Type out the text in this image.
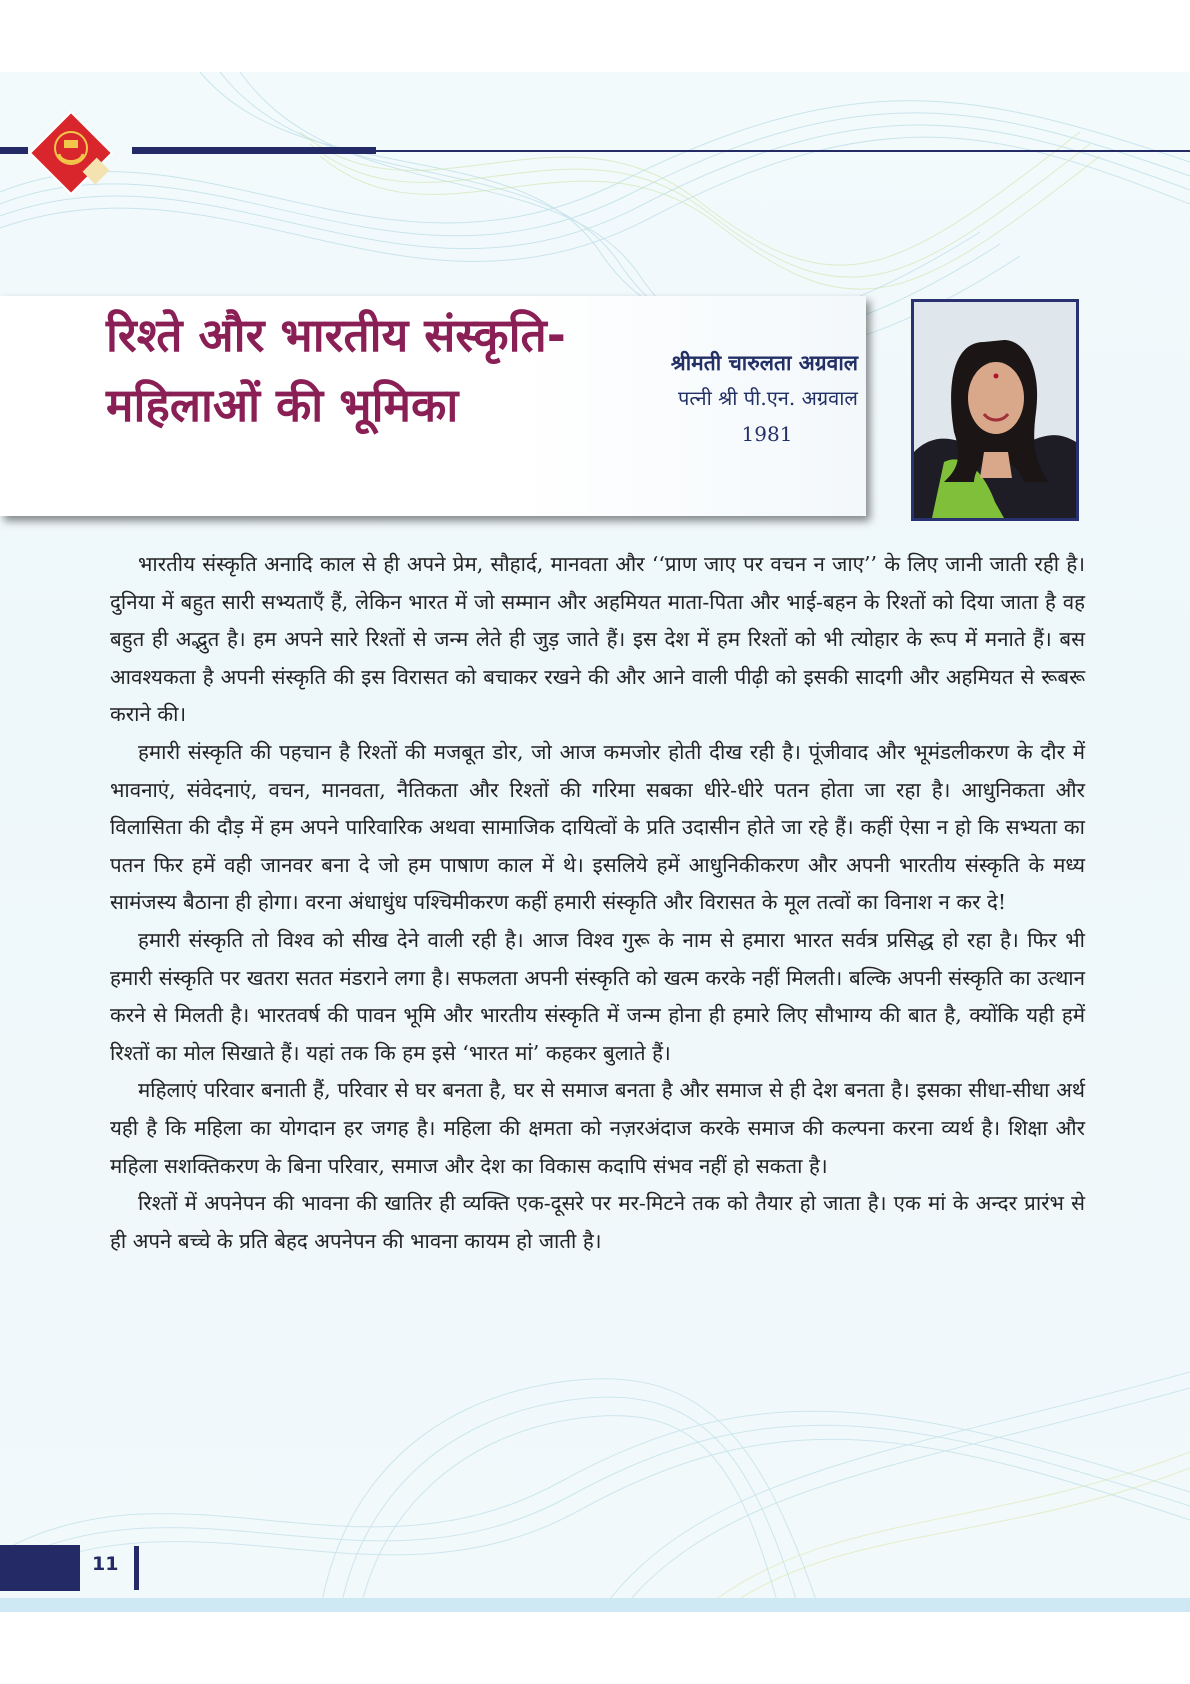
रिश्ते और भारतीय संस्कृति- महिलाओं की भूमिका
श्रीमती चारुलता अग्रवाल
पत्नी श्री पी.एन. अग्रवाल
1981

भारतीय संस्कृति अनादि काल से ही अपने प्रेम, सौहार्द, मानवता और ‘‘प्राण जाए पर वचन न जाए’’ के लिए जानी जाती रही है। दुनिया में बहुत सारी सभ्यताएँ हैं, लेकिन भारत में जो सम्मान और अहमियत माता-पिता और भाई-बहन के रिश्तों को दिया जाता है वह बहुत ही अद्भुत है। हम अपने सारे रिश्तों से जन्म लेते ही जुड़ जाते हैं। इस देश में हम रिश्तों को भी त्योहार के रूप में मनाते हैं। बस आवश्यकता है अपनी संस्कृति की इस विरासत को बचाकर रखने की और आने वाली पीढ़ी को इसकी सादगी और अहमियत से रूबरू कराने की।

हमारी संस्कृति की पहचान है रिश्तों की मजबूत डोर, जो आज कमजोर होती दीख रही है। पूंजीवाद और भूमंडलीकरण के दौर में भावनाएं, संवेदनाएं, वचन, मानवता, नैतिकता और रिश्तों की गरिमा सबका धीरे-धीरे पतन होता जा रहा है। आधुनिकता और विलासिता की दौड़ में हम अपने पारिवारिक अथवा सामाजिक दायित्वों के प्रति उदासीन होते जा रहे हैं। कहीं ऐसा न हो कि सभ्यता का पतन फिर हमें वही जानवर बना दे जो हम पाषाण काल में थे। इसलिये हमें आधुनिकीकरण और अपनी भारतीय संस्कृति के मध्य सामंजस्य बैठाना ही होगा। वरना अंधाधुंध पश्चिमीकरण कहीं हमारी संस्कृति और विरासत के मूल तत्वों का विनाश न कर दे!

हमारी संस्कृति तो विश्व को सीख देने वाली रही है। आज विश्व गुरू के नाम से हमारा भारत सर्वत्र प्रसिद्ध हो रहा है। फिर भी हमारी संस्कृति पर खतरा सतत मंडराने लगा है। सफलता अपनी संस्कृति को खत्म करके नहीं मिलती। बल्कि अपनी संस्कृति का उत्थान करने से मिलती है। भारतवर्ष की पावन भूमि और भारतीय संस्कृति में जन्म होना ही हमारे लिए सौभाग्य की बात है, क्योंकि यही हमें रिश्तों का मोल सिखाते हैं। यहां तक कि हम इसे ‘भारत मां’ कहकर बुलाते हैं।

महिलाएं परिवार बनाती हैं, परिवार से घर बनता है, घर से समाज बनता है और समाज से ही देश बनता है। इसका सीधा-सीधा अर्थ यही है कि महिला का योगदान हर जगह है। महिला की क्षमता को नज़रअंदाज करके समाज की कल्पना करना व्यर्थ है। शिक्षा और महिला सशक्तिकरण के बिना परिवार, समाज और देश का विकास कदापि संभव नहीं हो सकता है।

रिश्तों में अपनेपन की भावना की खातिर ही व्यक्ति एक-दूसरे पर मर-मिटने तक को तैयार हो जाता है। एक मां के अन्दर प्रारंभ से ही अपने बच्चे के प्रति बेहद अपनेपन की भावना कायम हो जाती है।

11
